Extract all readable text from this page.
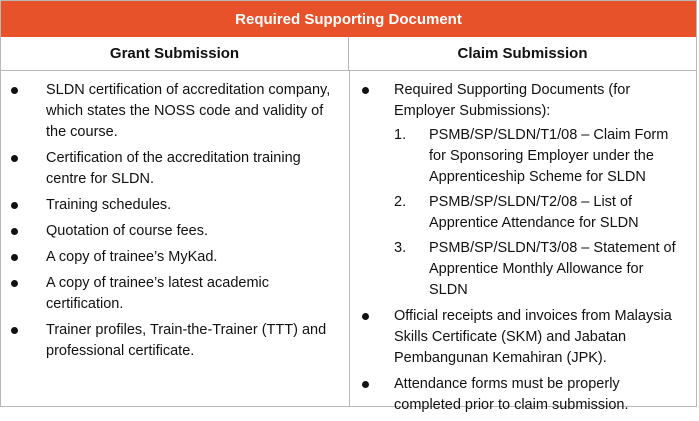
Required Supporting Document
Grant Submission	Claim Submission
SLDN certification of accreditation company, which states the NOSS code and validity of the course.
Certification of the accreditation training centre for SLDN.
Training schedules.
Quotation of course fees.
A copy of trainee’s MyKad.
A copy of trainee’s latest academic certification.
Trainer profiles, Train-the-Trainer (TTT) and professional certificate.
Required Supporting Documents (for Employer Submissions):
1. PSMB/SP/SLDN/T1/08 – Claim Form for Sponsoring Employer under the Apprenticeship Scheme for SLDN
2. PSMB/SP/SLDN/T2/08 – List of Apprentice Attendance for SLDN
3. PSMB/SP/SLDN/T3/08 – Statement of Apprentice Monthly Allowance for SLDN
Official receipts and invoices from Malaysia Skills Certificate (SKM) and Jabatan Pembangunan Kemahiran (JPK).
Attendance forms must be properly completed prior to claim submission.
